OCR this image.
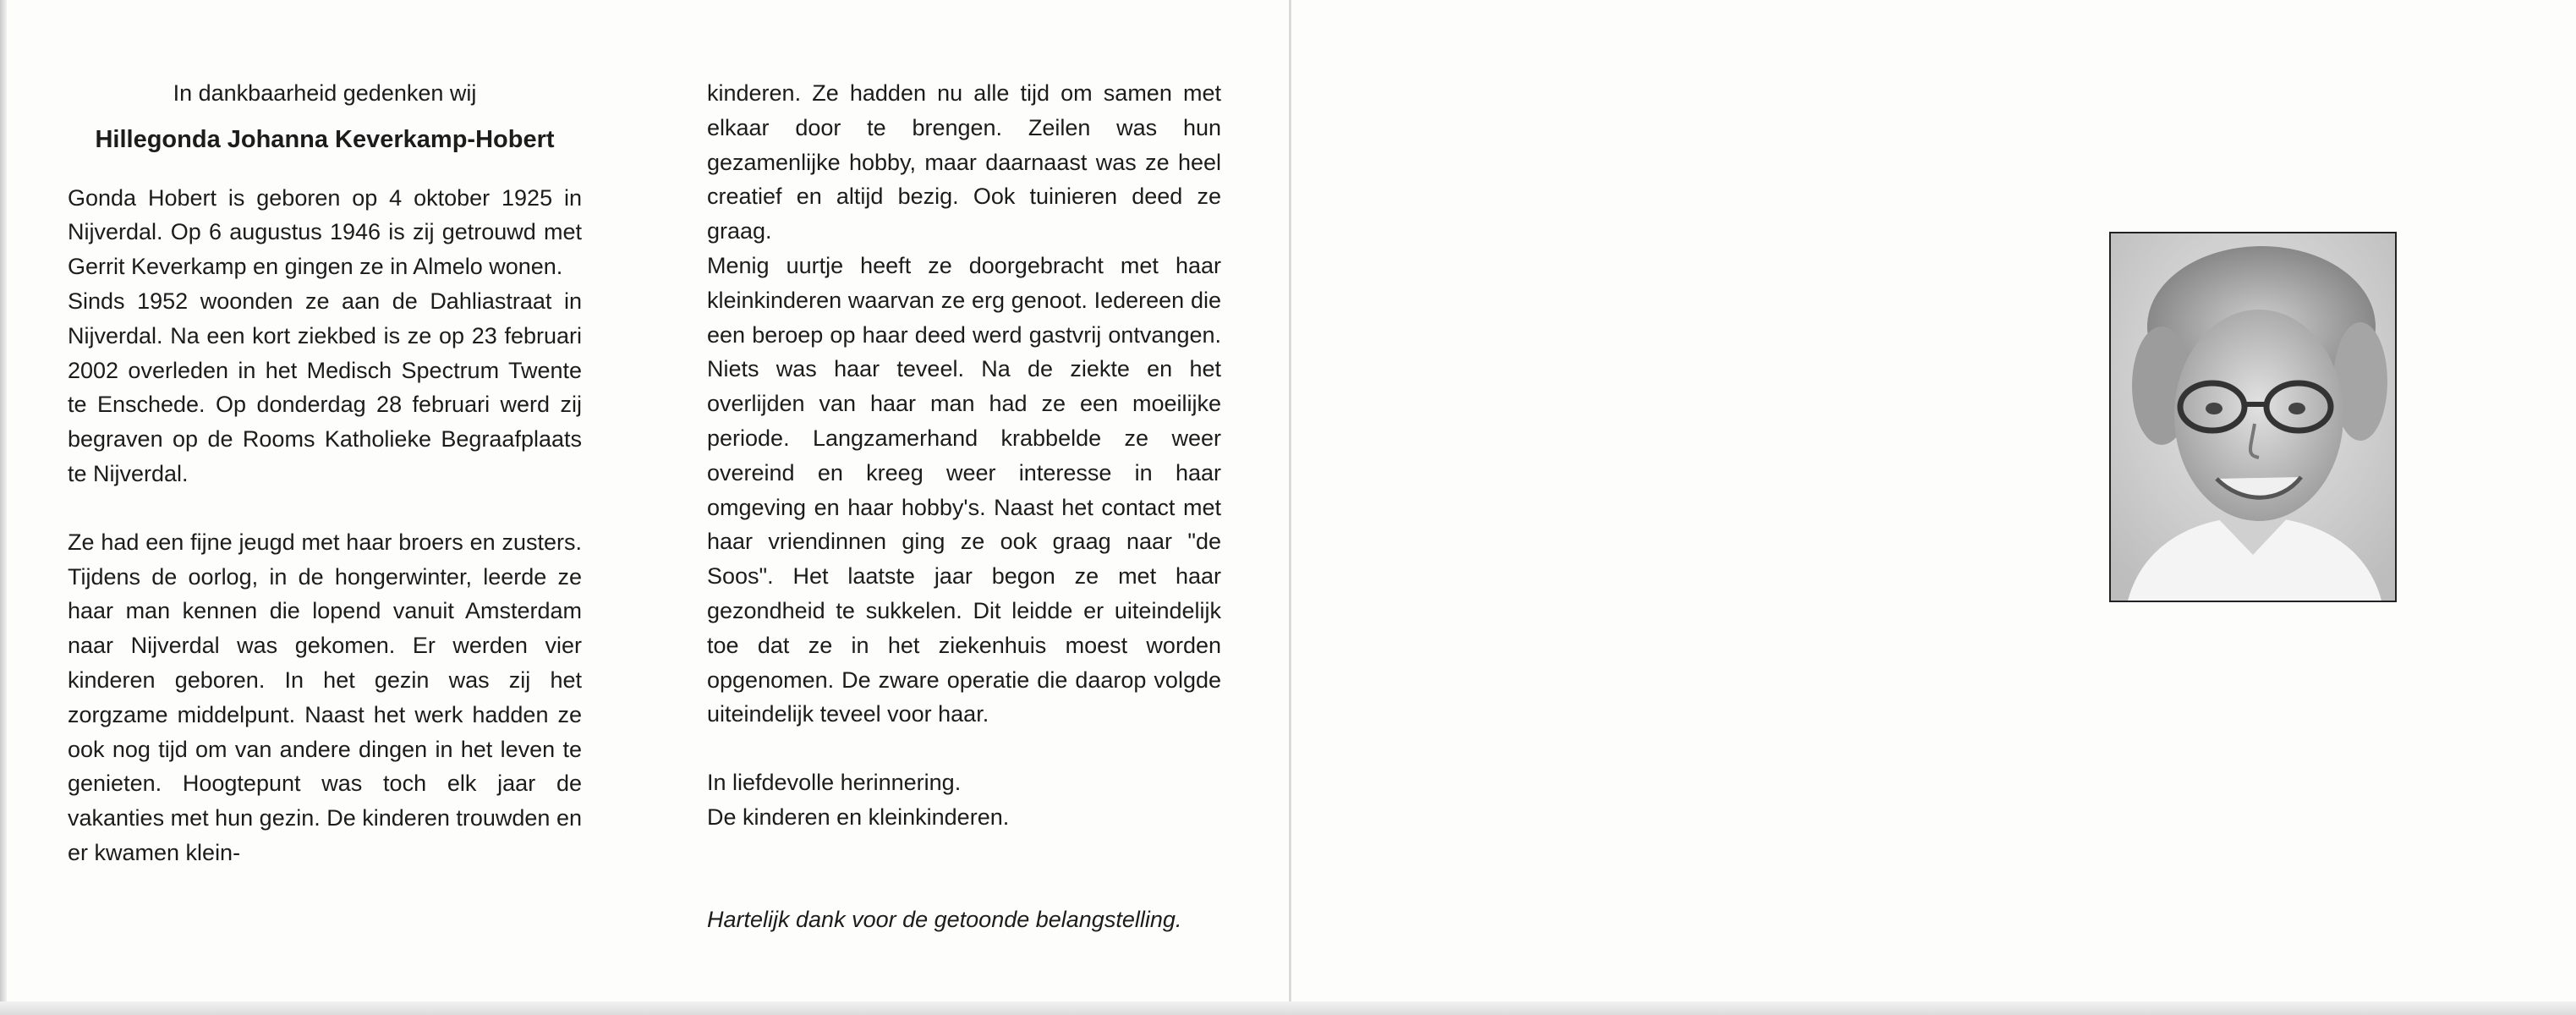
In dankbaarheid gedenken wij

Hillegonda Johanna Keverkamp-Hobert

Gonda Hobert is geboren op 4 oktober 1925 in Nijverdal. Op 6 augustus 1946 is zij getrouwd met Gerrit Keverkamp en gingen ze in Almelo wonen.

Sinds 1952 woonden ze aan de Dahliastraat in Nijverdal. Na een kort ziekbed is ze op 23 februari 2002 overleden in het Medisch Spectrum Twente te Enschede. Op donderdag 28 februari werd zij begraven op de Rooms Katholieke Begraafplaats te Nijverdal.

Ze had een fijne jeugd met haar broers en zusters. Tijdens de oorlog, in de hongerwinter, leerde ze haar man kennen die lopend vanuit Amsterdam naar Nijverdal was gekomen. Er werden vier kinderen geboren. In het gezin was zij het zorgzame middelpunt. Naast het werk hadden ze ook nog tijd om van andere dingen in het leven te genieten. Hoogtepunt was toch elk jaar de vakanties met hun gezin. De kinderen trouwden en er kwamen klein-

kinderen. Ze hadden nu alle tijd om samen met elkaar door te brengen. Zeilen was hun gezamenlijke hobby, maar daarnaast was ze heel creatief en altijd bezig. Ook tuinieren deed ze graag.

Menig uurtje heeft ze doorgebracht met haar kleinkinderen waarvan ze erg genoot. Iedereen die een beroep op haar deed werd gastvrij ontvangen. Niets was haar teveel. Na de ziekte en het overlijden van haar man had ze een moeilijke periode. Langzamerhand krabbelde ze weer overeind en kreeg weer interesse in haar omgeving en haar hobby's. Naast het contact met haar vriendinnen ging ze ook graag naar "de Soos". Het laatste jaar begon ze met haar gezondheid te sukkelen. Dit leidde er uiteindelijk toe dat ze in het ziekenhuis moest worden opgenomen. De zware operatie die daarop volgde uiteindelijk teveel voor haar.

In liefdevolle herinnering.

De kinderen en kleinkinderen.

Hartelijk dank voor de getoonde belangstelling.
